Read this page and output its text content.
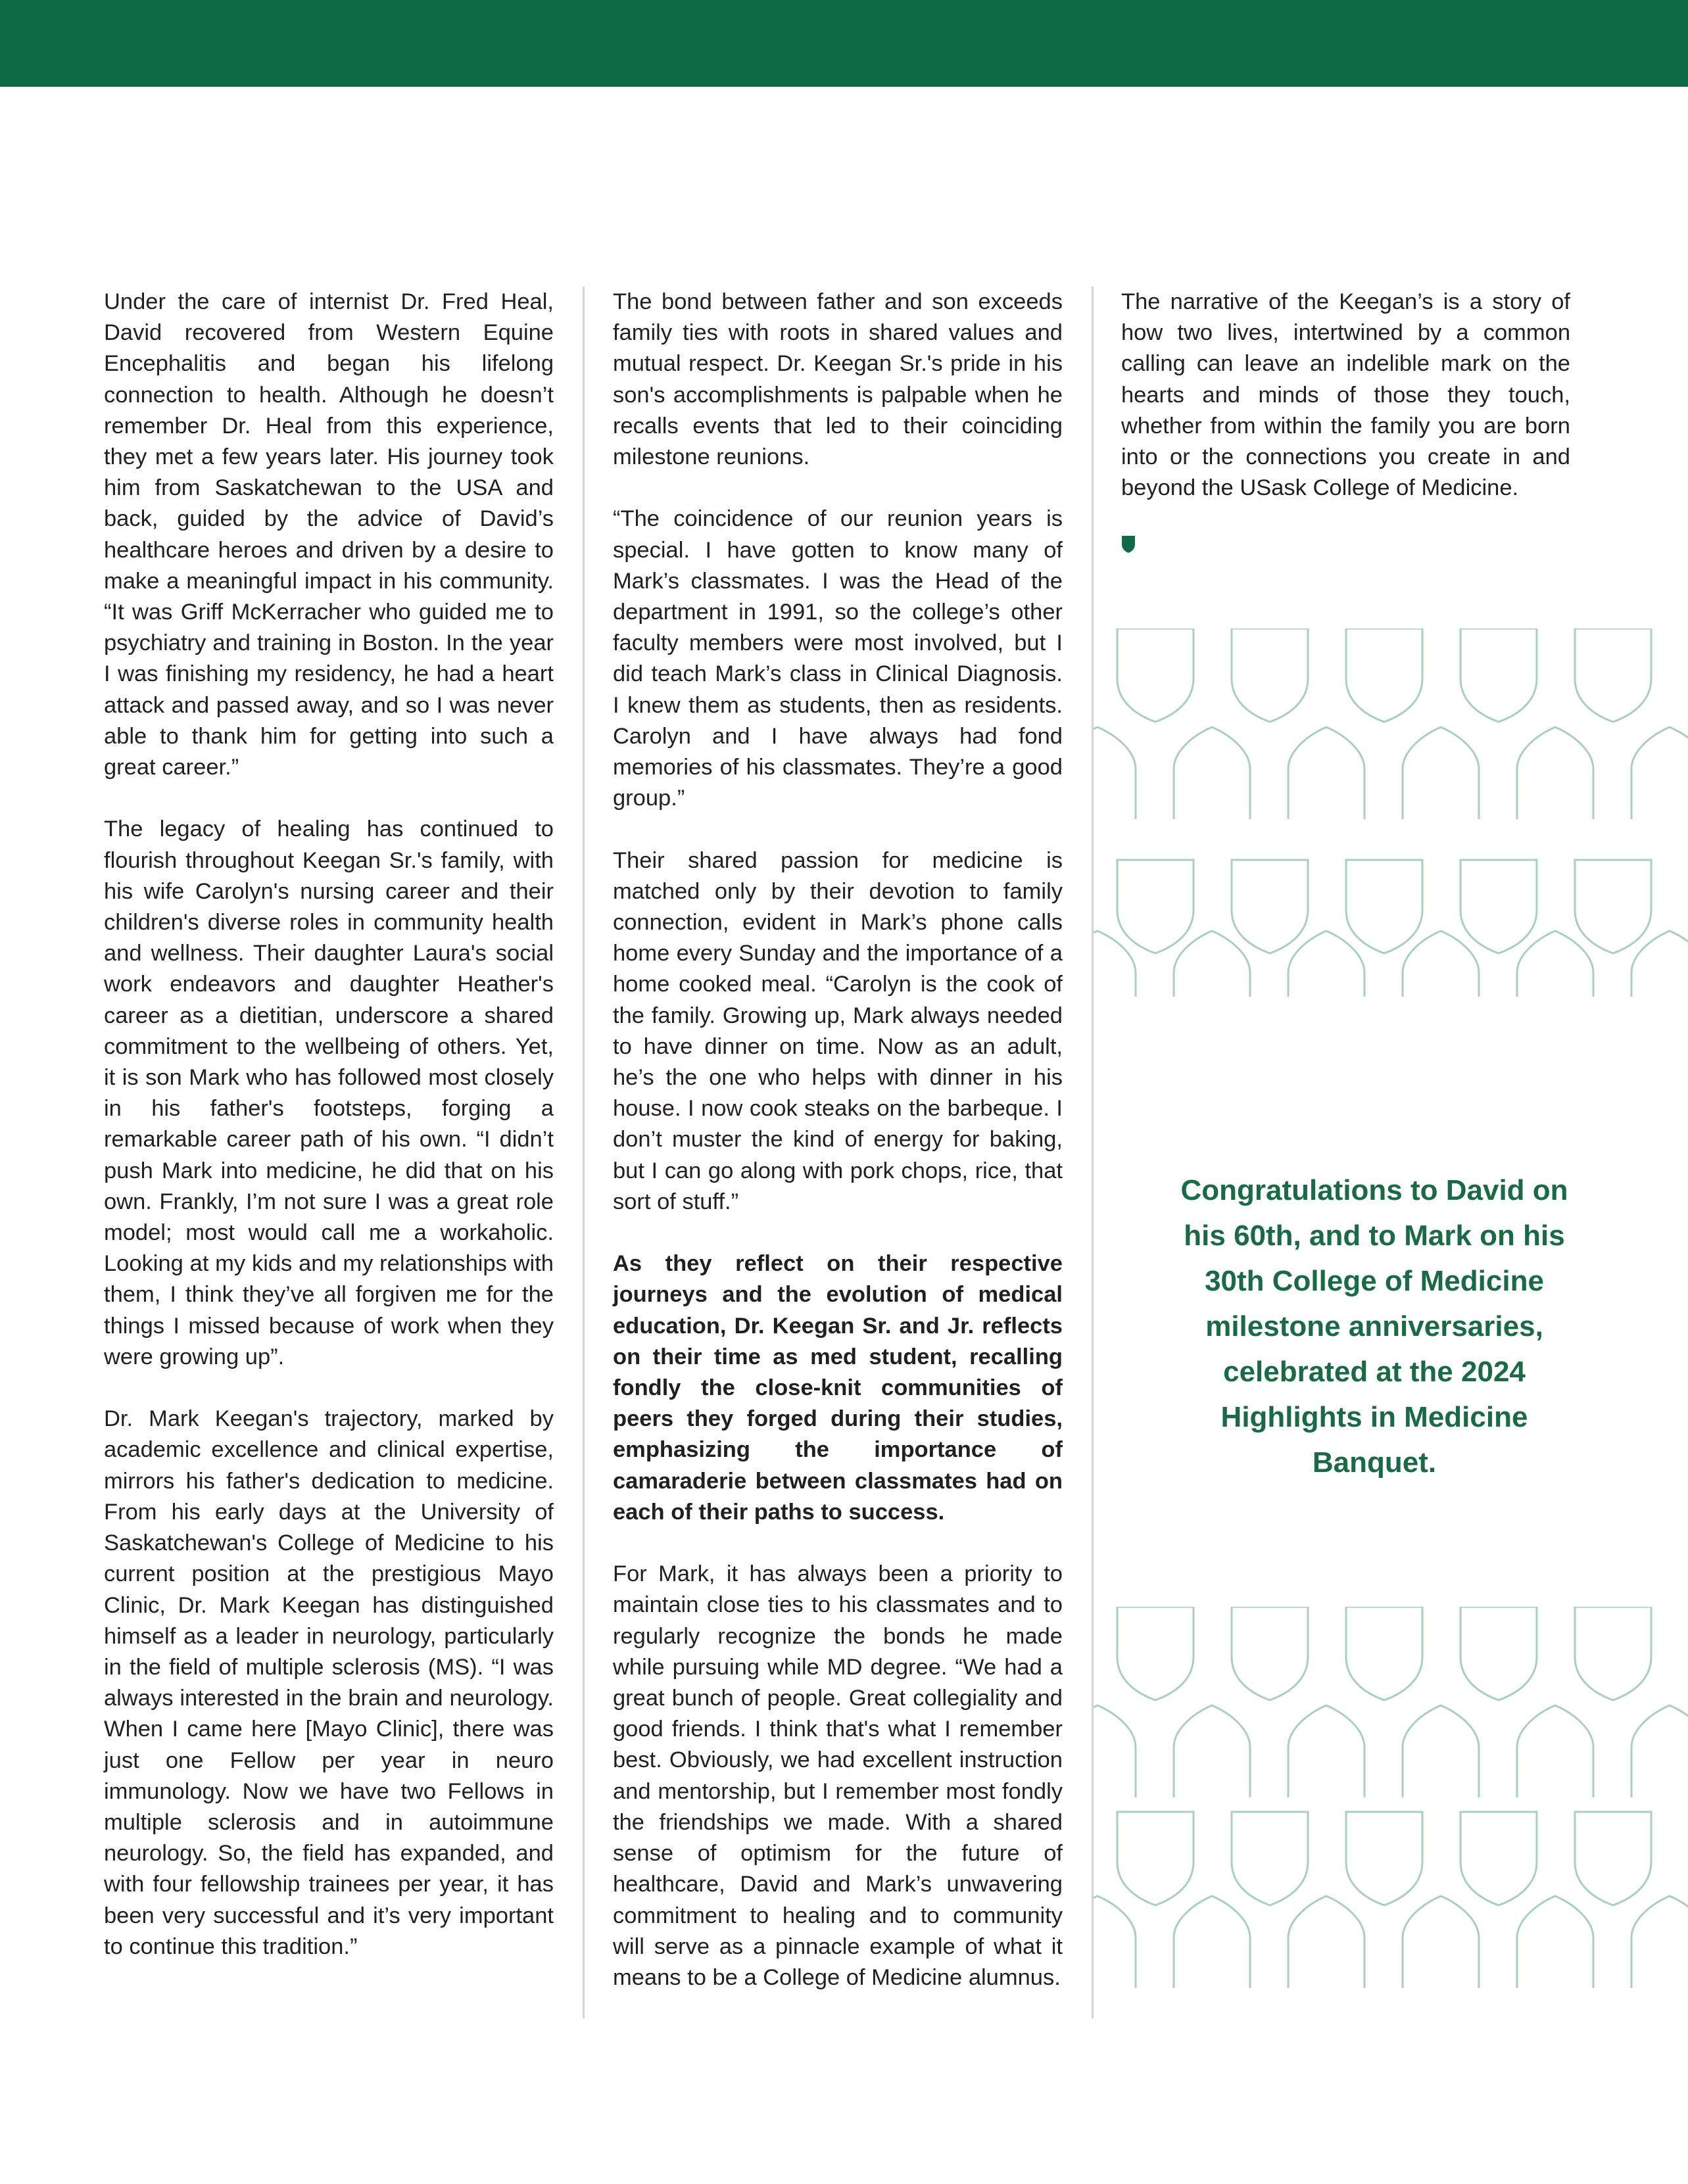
Under the care of internist Dr. Fred Heal, David recovered from Western Equine Encephalitis and began his lifelong connection to health. Although he doesn’t remember Dr. Heal from this experience, they met a few years later. His journey took him from Saskatchewan to the USA and back, guided by the advice of David’s healthcare heroes and driven by a desire to make a meaningful impact in his community. “It was Griff McKerracher who guided me to psychiatry and training in Boston. In the year I was finishing my residency, he had a heart attack and passed away, and so I was never able to thank him for getting into such a great career.”

The legacy of healing has continued to flourish throughout Keegan Sr.'s family, with his wife Carolyn's nursing career and their children's diverse roles in community health and wellness. Their daughter Laura's social work endeavors and daughter Heather's career as a dietitian, underscore a shared commitment to the wellbeing of others. Yet, it is son Mark who has followed most closely in his father's footsteps, forging a remarkable career path of his own. “I didn’t push Mark into medicine, he did that on his own. Frankly, I’m not sure I was a great role model; most would call me a workaholic. Looking at my kids and my relationships with them, I think they’ve all forgiven me for the things I missed because of work when they were growing up”.

Dr. Mark Keegan's trajectory, marked by academic excellence and clinical expertise, mirrors his father's dedication to medicine. From his early days at the University of Saskatchewan's College of Medicine to his current position at the prestigious Mayo Clinic, Dr. Mark Keegan has distinguished himself as a leader in neurology, particularly in the field of multiple sclerosis (MS). “I was always interested in the brain and neurology. When I came here [Mayo Clinic], there was just one Fellow per year in neuro immunology. Now we have two Fellows in multiple sclerosis and in autoimmune neurology. So, the field has expanded, and with four fellowship trainees per year, it has been very successful and it’s very important to continue this tradition.”

The bond between father and son exceeds family ties with roots in shared values and mutual respect. Dr. Keegan Sr.'s pride in his son's accomplishments is palpable when he recalls events that led to their coinciding milestone reunions.

“The coincidence of our reunion years is special. I have gotten to know many of Mark’s classmates. I was the Head of the department in 1991, so the college’s other faculty members were most involved, but I did teach Mark’s class in Clinical Diagnosis. I knew them as students, then as residents. Carolyn and I have always had fond memories of his classmates. They’re a good group.”

Their shared passion for medicine is matched only by their devotion to family connection, evident in Mark’s phone calls home every Sunday and the importance of a home cooked meal. “Carolyn is the cook of the family. Growing up, Mark always needed to have dinner on time. Now as an adult, he’s the one who helps with dinner in his house. I now cook steaks on the barbeque. I don’t muster the kind of energy for baking, but I can go along with pork chops, rice, that sort of stuff.”

As they reflect on their respective journeys and the evolution of medical education, Dr. Keegan Sr. and Jr. reflects on their time as med student, recalling fondly the close-knit communities of peers they forged during their studies, emphasizing the importance of camaraderie between classmates had on each of their paths to success.

For Mark, it has always been a priority to maintain close ties to his classmates and to regularly recognize the bonds he made while pursuing while MD degree. “We had a great bunch of people. Great collegiality and good friends. I think that's what I remember best. Obviously, we had excellent instruction and mentorship, but I remember most fondly the friendships we made. With a shared sense of optimism for the future of healthcare, David and Mark’s unwavering commitment to healing and to community will serve as a pinnacle example of what it means to be a College of Medicine alumnus.

The narrative of the Keegan’s is a story of how two lives, intertwined by a common calling can leave an indelible mark on the hearts and minds of those they touch, whether from within the family you are born into or the connections you create in and beyond the USask College of Medicine.

Congratulations to David on his 60th, and to Mark on his 30th College of Medicine milestone anniversaries, celebrated at the 2024 Highlights in Medicine Banquet.
